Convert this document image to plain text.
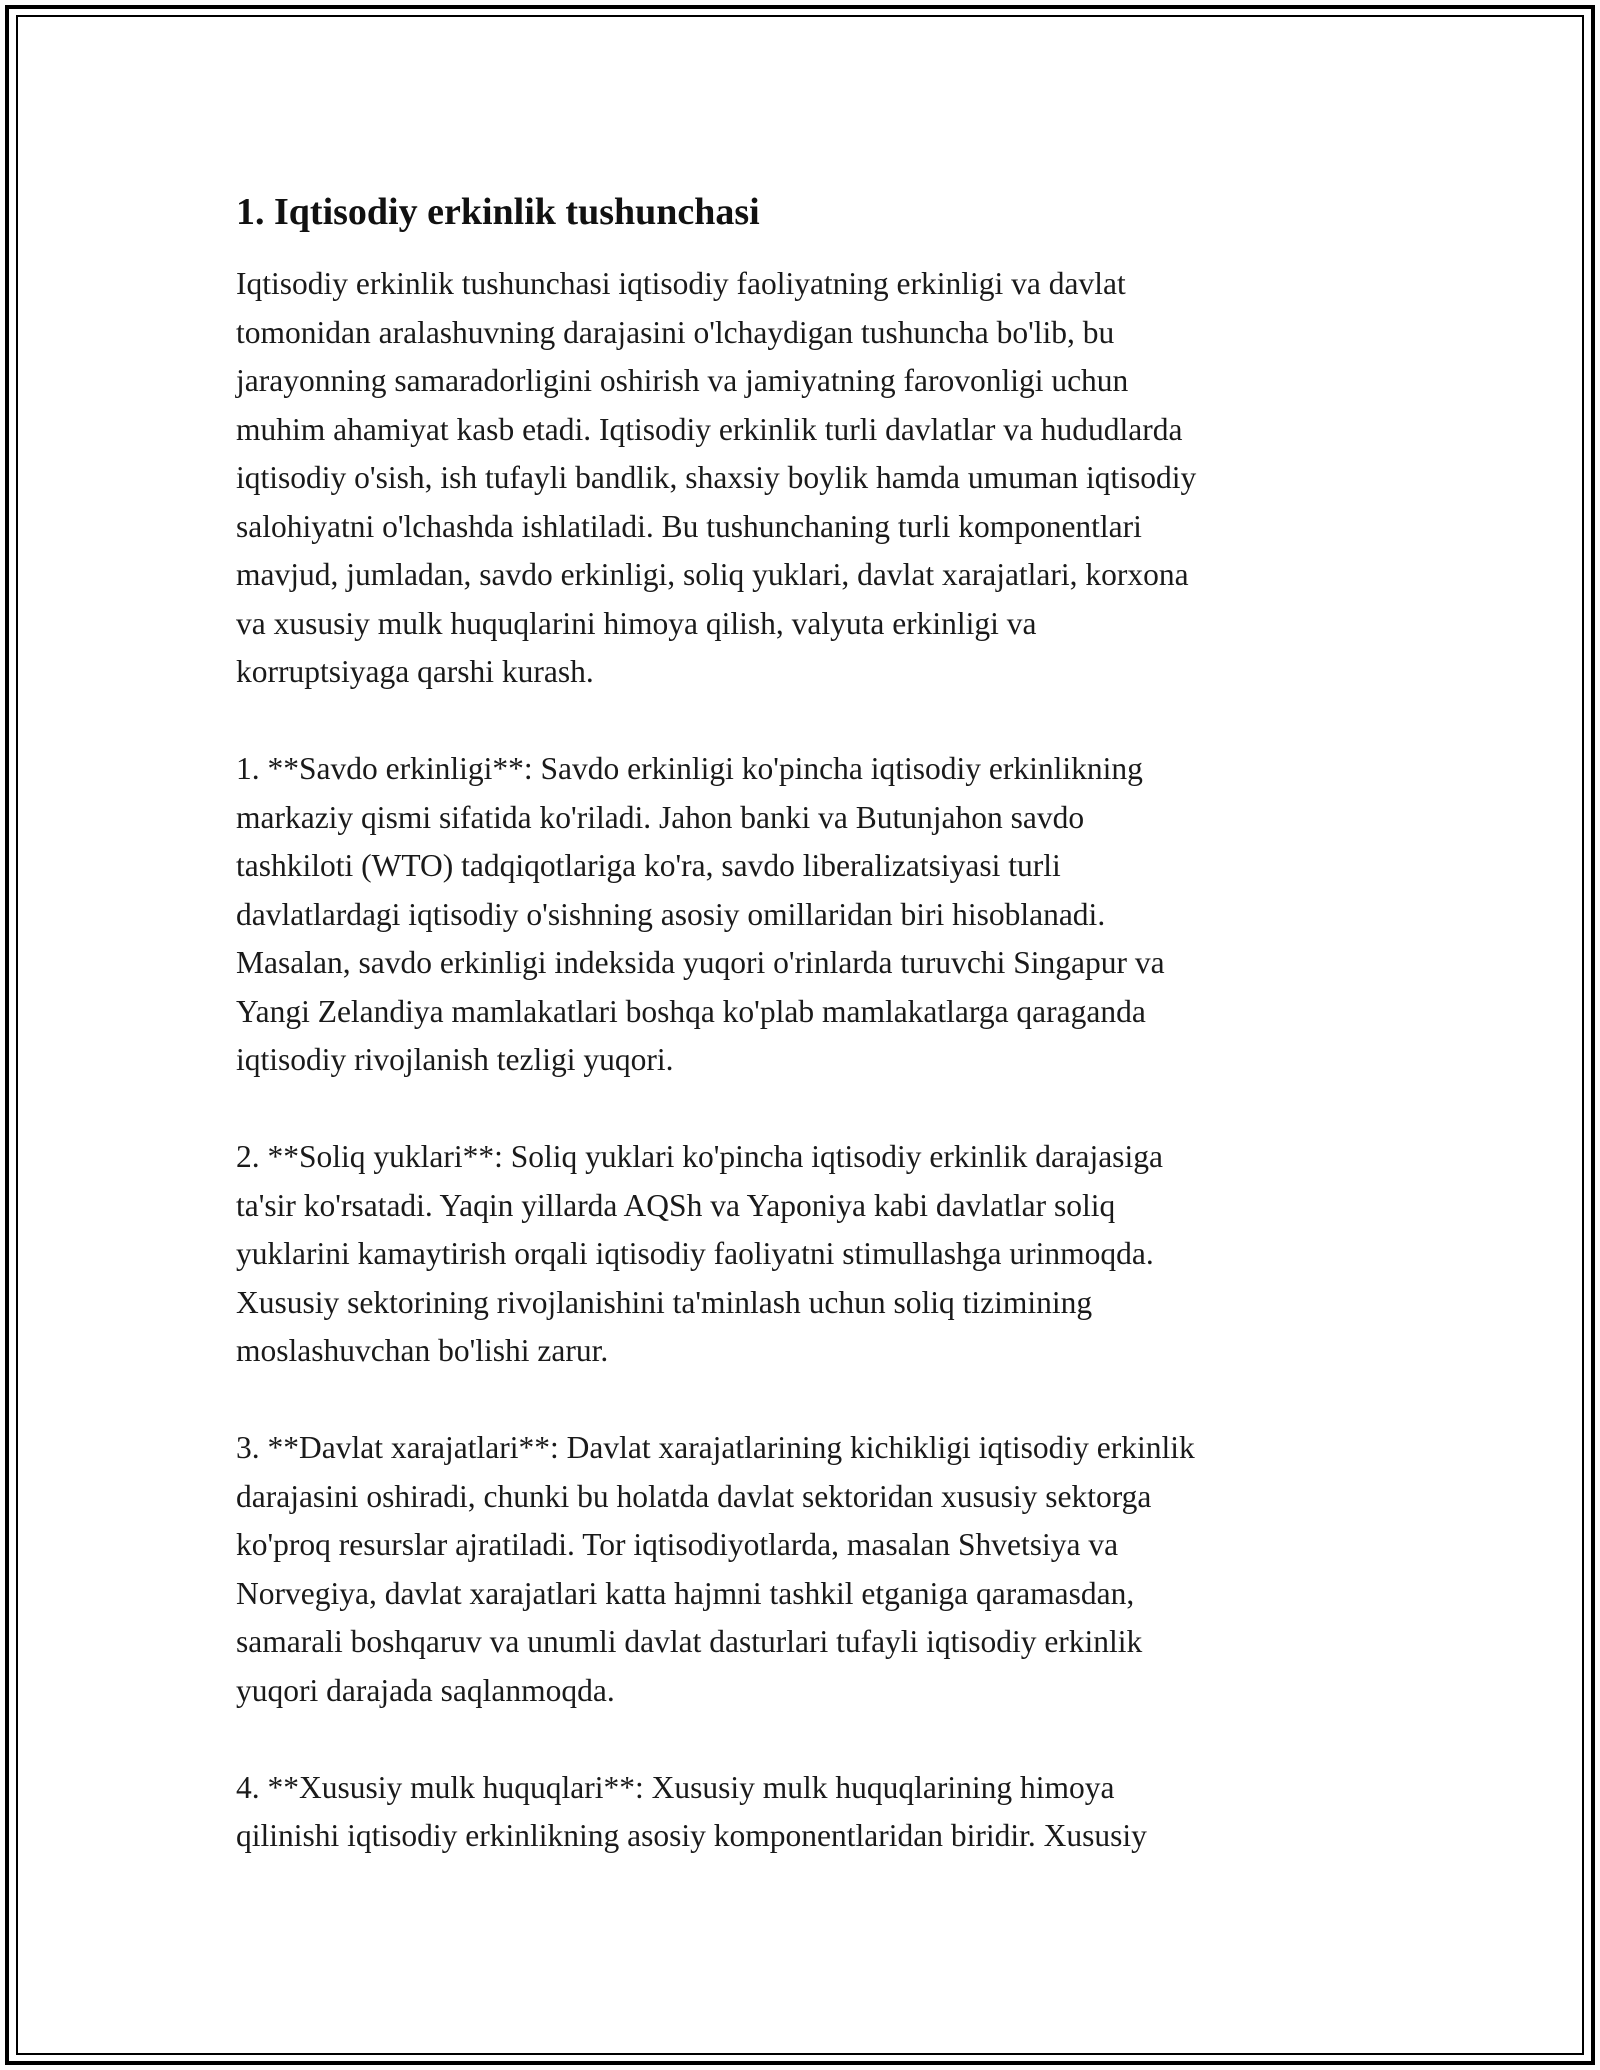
1. Iqtisodiy erkinlik tushunchasi
Iqtisodiy erkinlik tushunchasi iqtisodiy faoliyatning erkinligi va davlat
tomonidan aralashuvning darajasini o'lchaydigan tushuncha bo'lib, bu
jarayonning samaradorligini oshirish va jamiyatning farovonligi uchun
muhim ahamiyat kasb etadi. Iqtisodiy erkinlik turli davlatlar va hududlarda
iqtisodiy o'sish, ish tufayli bandlik, shaxsiy boylik hamda umuman iqtisodiy
salohiyatni o'lchashda ishlatiladi. Bu tushunchaning turli komponentlari
mavjud, jumladan, savdo erkinligi, soliq yuklari, davlat xarajatlari, korxona
va xususiy mulk huquqlarini himoya qilish, valyuta erkinligi va
korruptsiyaga qarshi kurash.
1. **Savdo erkinligi**: Savdo erkinligi ko'pincha iqtisodiy erkinlikning
markaziy qismi sifatida ko'riladi. Jahon banki va Butunjahon savdo
tashkiloti (WTO) tadqiqotlariga ko'ra, savdo liberalizatsiyasi turli
davlatlardagi iqtisodiy o'sishning asosiy omillaridan biri hisoblanadi.
Masalan, savdo erkinligi indeksida yuqori o'rinlarda turuvchi Singapur va
Yangi Zelandiya mamlakatlari boshqa ko'plab mamlakatlarga qaraganda
iqtisodiy rivojlanish tezligi yuqori.
2. **Soliq yuklari**: Soliq yuklari ko'pincha iqtisodiy erkinlik darajasiga
ta'sir ko'rsatadi. Yaqin yillarda AQSh va Yaponiya kabi davlatlar soliq
yuklarini kamaytirish orqali iqtisodiy faoliyatni stimullashga urinmoqda.
Xususiy sektorining rivojlanishini ta'minlash uchun soliq tizimining
moslashuvchan bo'lishi zarur.
3. **Davlat xarajatlari**: Davlat xarajatlarining kichikligi iqtisodiy erkinlik
darajasini oshiradi, chunki bu holatda davlat sektoridan xususiy sektorga
ko'proq resurslar ajratiladi. Tor iqtisodiyotlarda, masalan Shvetsiya va
Norvegiya, davlat xarajatlari katta hajmni tashkil etganiga qaramasdan,
samarali boshqaruv va unumli davlat dasturlari tufayli iqtisodiy erkinlik
yuqori darajada saqlanmoqda.
4. **Xususiy mulk huquqlari**: Xususiy mulk huquqlarining himoya
qilinishi iqtisodiy erkinlikning asosiy komponentlaridan biridir. Xususiy
